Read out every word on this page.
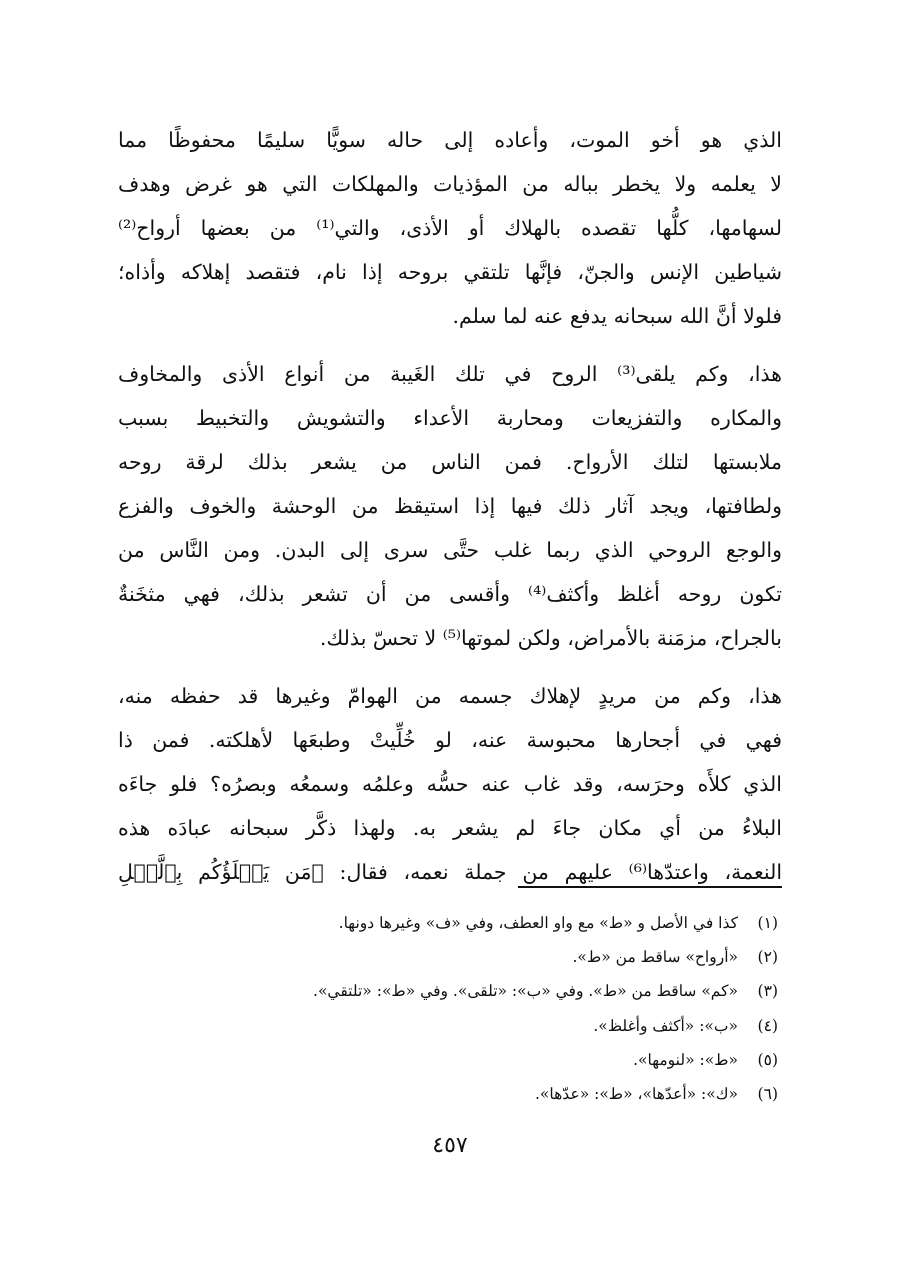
الذي هو أخو الموت، وأعاده إلى حاله سويًّا سليمًا محفوظًا مما
لا يعلمه ولا يخطر بباله من المؤذيات والمهلكات التي هو غرض وهدف
لسهامها، كلُّها تقصده بالهلاك أو الأذى، والتي⁽¹⁾ من بعضها أرواح⁽²⁾
شياطين الإنس والجنّ، فإنَّها تلتقي بروحه إذا نام، فتقصد إهلاكه وأذاه؛
فلولا أنَّ الله سبحانه يدفع عنه لما سلم.
هذا، وكم يلقى⁽³⁾ الروح في تلك الغَيبة من أنواع الأذى والمخاوف
والمكاره والتفزيعات ومحاربة الأعداء والتشويش والتخبيط بسبب
ملابستها لتلك الأرواح. فمن الناس من يشعر بذلك لرقة روحه
ولطافتها، ويجد آثار ذلك فيها إذا استيقظ من الوحشة والخوف والفزع
والوجع الروحي الذي ربما غلب حتَّى سرى إلى البدن. ومن النَّاس من
تكون روحه أغلظ وأكثف⁽⁴⁾ وأقسى من أن تشعر بذلك، فهي مثخَنةٌ
بالجراح، مزمَنة بالأمراض، ولكن لموتها⁽⁵⁾ لا تحسّ بذلك.
هذا، وكم من مريدٍ لإهلاك جسمه من الهوامّ وغيرها قد حفظه منه،
فهي في أجحارها محبوسة عنه، لو خُلِّيتْ وطبعَها لأهلكته. فمن ذا
الذي كلأَه وحرَسه، وقد غاب عنه حسُّه وعلمُه وسمعُه وبصرُه؟ فلو جاءَه
البلاءُ من أي مكان جاءَ لم يشعر به. ولهذا ذكَّر سبحانه عبادَه هذه
النعمة، واعتدّها⁽⁶⁾ عليهم من جملة نعمه، فقال: ﴿مَن يَكۡلَؤُكُم بِٱلَّيۡلِ
(١)كذا في الأصل و «ط» مع واو العطف، وفي «ف» وغيرها دونها.
(٢)«أرواح» ساقط من «ط».
(٣)«كم» ساقط من «ط». وفي «ب»: «تلقى». وفي «ط»: «تلتقي».
(٤)«ب»: «أكثف وأغلظ».
(٥)«ط»: «لنومها».
(٦)«ك»: «أعدّها»، «ط»: «عدّها».
٤٥٧
